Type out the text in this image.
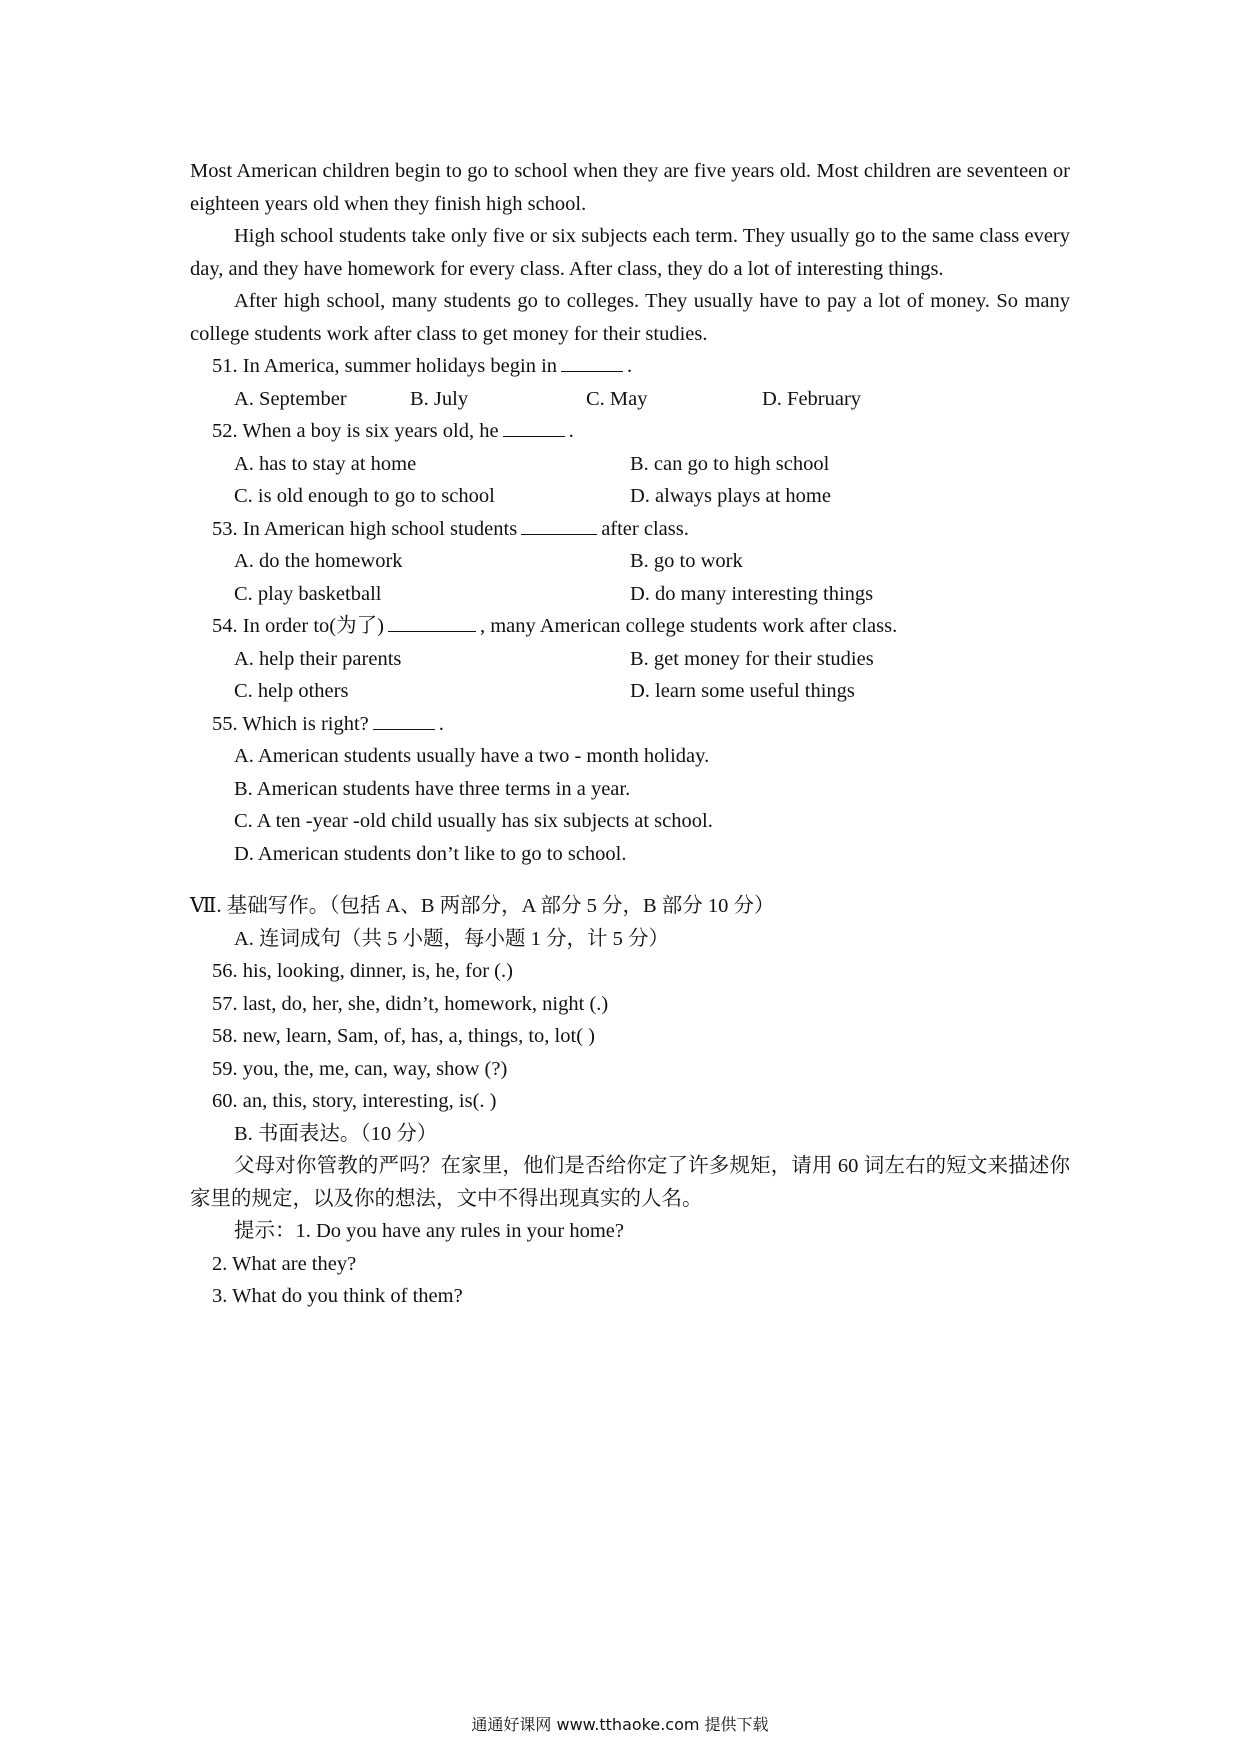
Most American children begin to go to school when they are five years old. Most children are seventeen or eighteen years old when they finish high school.

High school students take only five or six subjects each term. They usually go to the same class every day, and they have homework for every class. After class, they do a lot of interesting things.

After high school, many students go to colleges. They usually have to pay a lot of money. So many college students work after class to get money for their studies.

51. In America, summer holidays begin in	.

A. September	B. July	C. May	D. February

52. When a boy is six years old, he	.

A. has to stay at home	B. can go to high school
C. is old enough to go to school	D. always plays at home

53. In American high school students	after class.

A. do the homework	B. go to work
C. play basketball	D. do many interesting things

54. In order to(为了)	, many American college students work after class.

A. help their parents	B. get money for their studies
C. help others	D. learn some useful things

55. Which is right?	.

A. American students usually have a two - month holiday.

B. American students have three terms in a year.

C. A ten -year -old child usually has six subjects at school.

D. American students don’t like to go to school.

Ⅶ. 基础写作。（包括 A、B 两部分，A 部分 5 分，B 部分 10 分）

A. 连词成句（共 5 小题，每小题 1 分，计 5 分）

56. his, looking, dinner, is, he, for (.)

57. last, do, her, she, didn’t, homework, night (.)

58. new, learn, Sam, of, has, a, things, to, lot( )

59. you, the, me, can, way, show (?)

60. an, this, story, interesting, is(. )

B. 书面表达。（10 分）

父母对你管教的严吗？在家里，他们是否给你定了许多规矩，请用 60 词左右的短文来描述你家里的规定，以及你的想法，文中不得出现真实的人名。

提示：1. Do you have any rules in your home?

2. What are they?

3. What do you think of them?

通通好课网 www.tthaoke.com 提供下载
